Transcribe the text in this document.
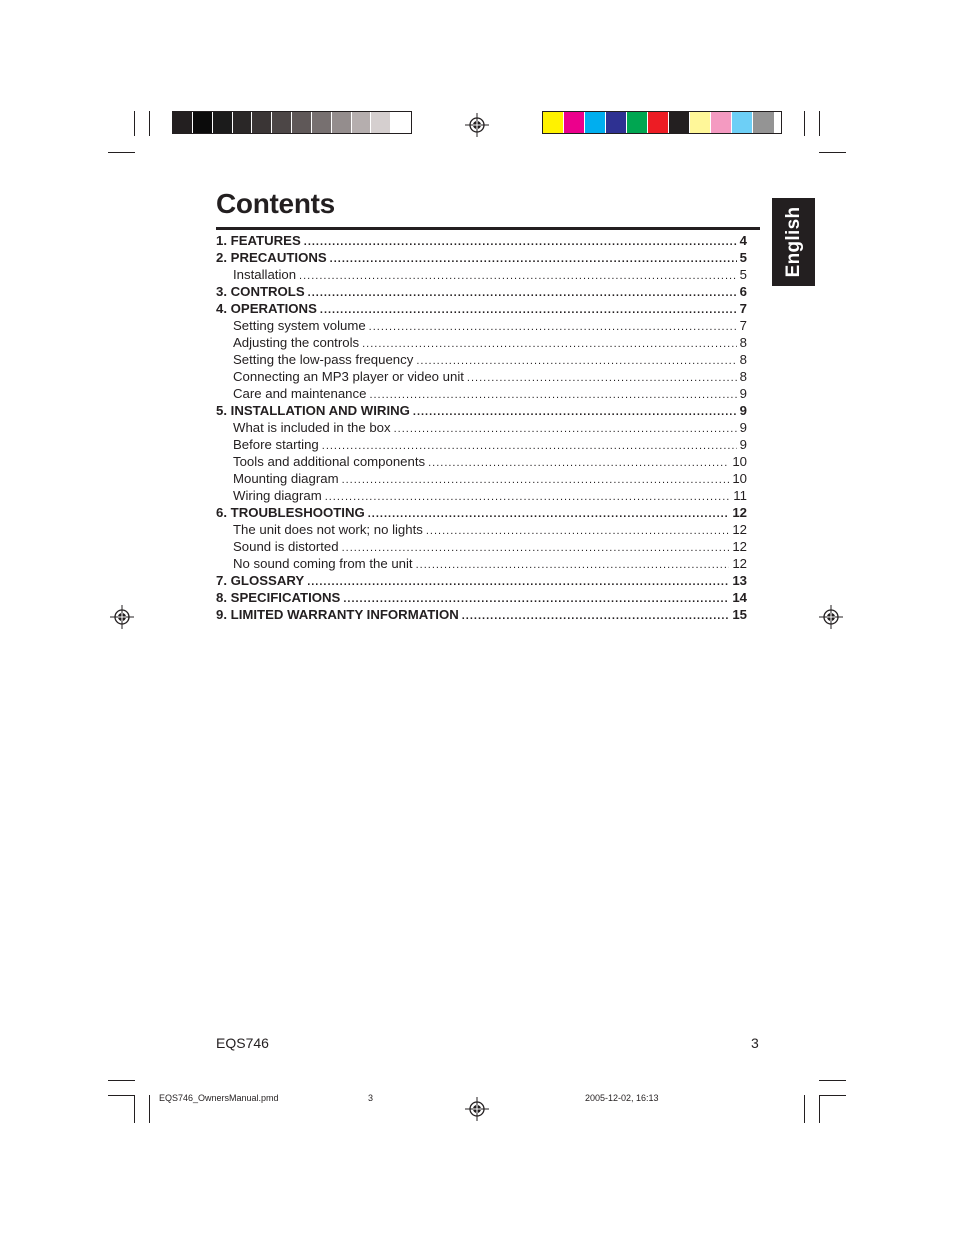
Contents
English
1. FEATURES .....	4
2. PRECAUTIONS .....	5
Installation .....	5
3. CONTROLS .....	6
4. OPERATIONS .....	7
Setting system volume .....	7
Adjusting the controls .....	8
Setting the low-pass frequency .....	8
Connecting an MP3 player or video unit .....	8
Care and maintenance .....	9
5. INSTALLATION AND WIRING .....	9
What is included in the box .....	9
Before starting .....	9
Tools and additional components .....	10
Mounting diagram .....	10
Wiring diagram .....	11
6. TROUBLESHOOTING .....	12
The unit does not work; no lights .....	12
Sound is distorted .....	12
No sound coming from the unit .....	12
7. GLOSSARY .....	13
8. SPECIFICATIONS .....	14
9. LIMITED WARRANTY INFORMATION .....	15
EQS746	3
EQS746_OwnersManual.pmd	3	2005-12-02, 16:13
